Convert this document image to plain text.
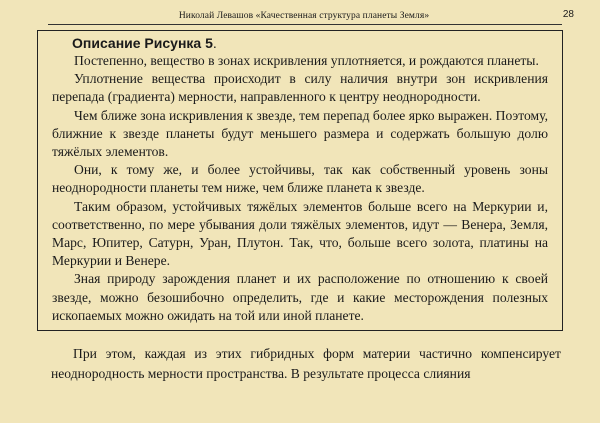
Николай Левашов «Качественная структура планеты Земля»	28
Описание Рисунка 5.

Постепенно, вещество в зонах искривления уплотняется, и рождаются планеты.

Уплотнение вещества происходит в силу наличия внутри зон искривления перепада (градиента) мерности, направленного к центру неоднородности.

Чем ближе зона искривления к звезде, тем перепад более ярко выражен. Поэтому, ближние к звезде планеты будут меньшего размера и содержать большую долю тяжёлых элементов.

Они, к тому же, и более устойчивы, так как собственный уровень зоны неоднородности планеты тем ниже, чем ближе планета к звезде.

Таким образом, устойчивых тяжёлых элементов больше всего на Меркурии и, соответственно, по мере убывания доли тяжёлых элементов, идут — Венера, Земля, Марс, Юпитер, Сатурн, Уран, Плутон. Так, что, больше всего золота, платины на Меркурии и Венере.

Зная природу зарождения планет и их расположение по отношению к своей звезде, можно безошибочно определить, где и какие месторождения полезных ископаемых можно ожидать на той или иной планете.

При этом, каждая из этих гибридных форм материи частично компенсирует неоднородность мерности пространства. В результате процесса слияния
